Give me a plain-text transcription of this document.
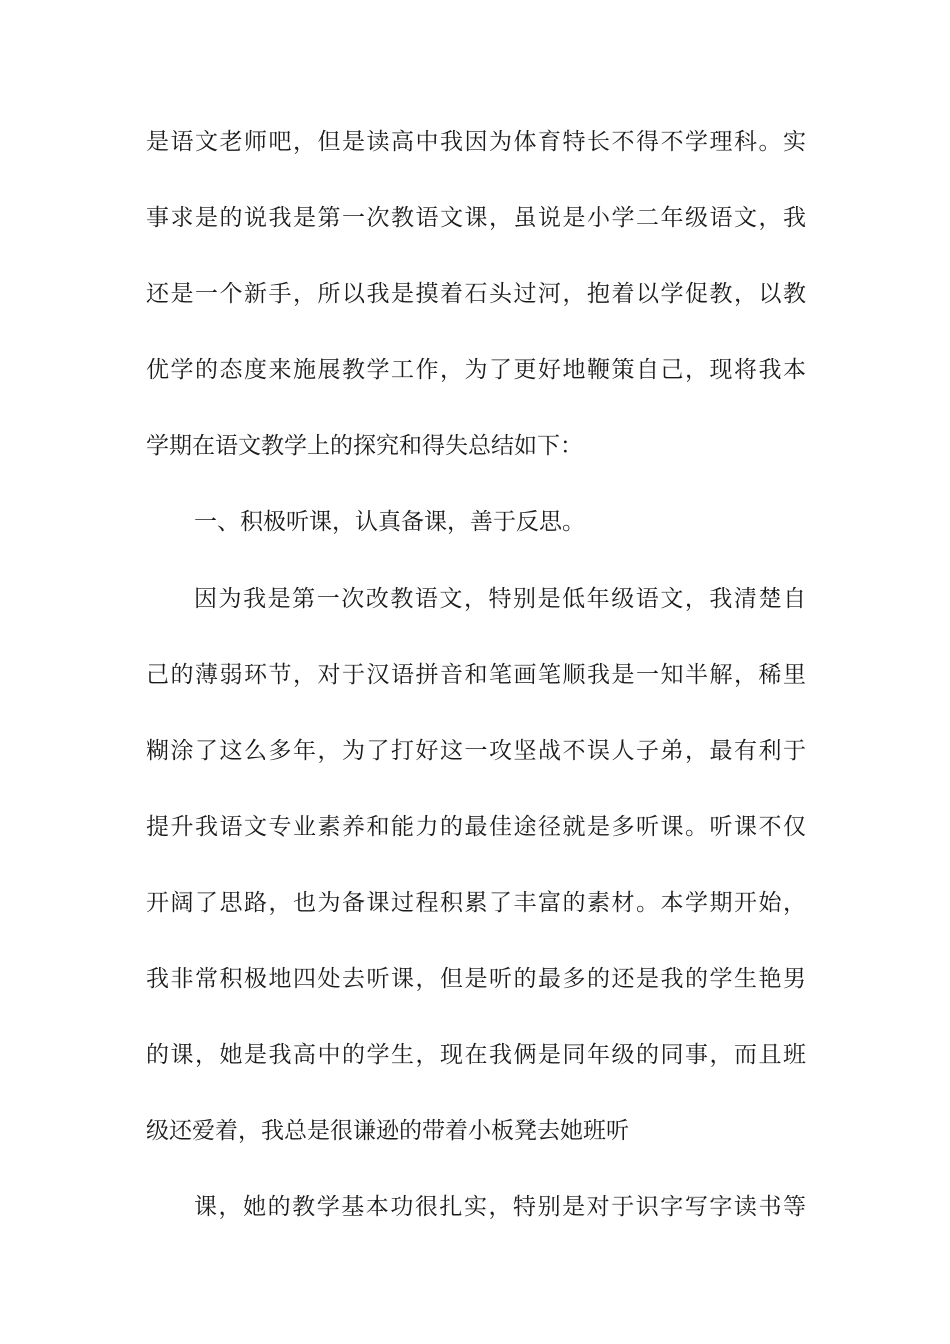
是语文老师吧，但是读高中我因为体育特长不得不学理科。实
事求是的说我是第一次教语文课，虽说是小学二年级语文，我
还是一个新手，所以我是摸着石头过河，抱着以学促教，以教
优学的态度来施展教学工作，为了更好地鞭策自己，现将我本
学期在语文教学上的探究和得失总结如下：
一、积极听课，认真备课，善于反思。
因为我是第一次改教语文，特别是低年级语文，我清楚自
己的薄弱环节，对于汉语拼音和笔画笔顺我是一知半解，稀里
糊涂了这么多年，为了打好这一攻坚战不误人子弟，最有利于
提升我语文专业素养和能力的最佳途径就是多听课。听课不仅
开阔了思路，也为备课过程积累了丰富的素材。本学期开始，
我非常积极地四处去听课，但是听的最多的还是我的学生艳男
的课，她是我高中的学生，现在我俩是同年级的同事，而且班
级还爱着，我总是很谦逊的带着小板凳去她班听
课，她的教学基本功很扎实，特别是对于识字写字读书等
